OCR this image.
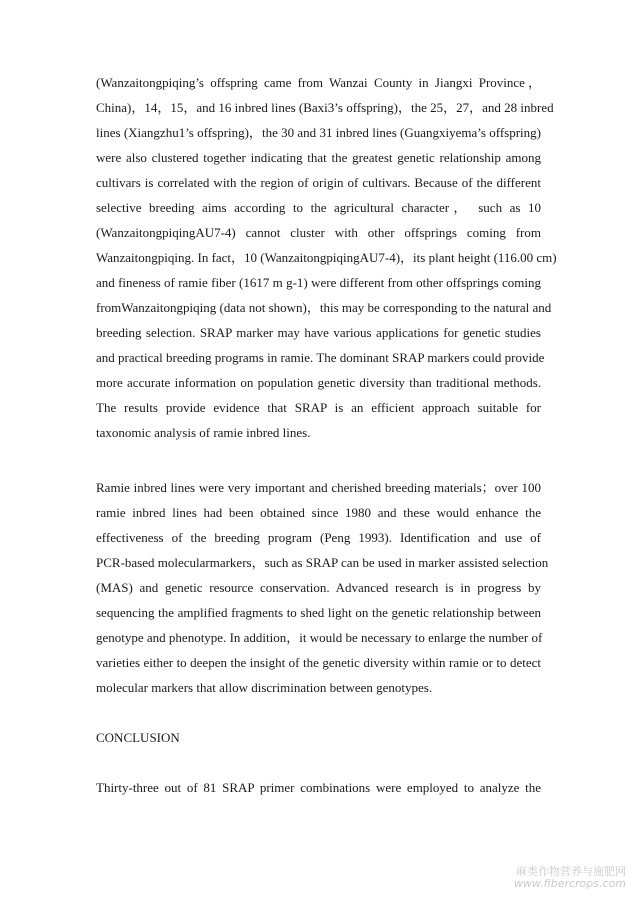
(Wanzaitongpiqing’s offspring came from Wanzai County in Jiangxi Province，
China)，14，15，and 16 inbred lines (Baxi3’s offspring)，the 25，27，and 28 inbred
lines (Xiangzhu1’s offspring)，the 30 and 31 inbred lines (Guangxiyema’s offspring)
were also clustered together indicating that the greatest genetic relationship among
cultivars is correlated with the region of origin of cultivars. Because of the different
selective breeding aims according to the agricultural character， such as 10
(WanzaitongpiqingAU7-4) cannot cluster with other offsprings coming from
Wanzaitongpiqing. In fact，10 (WanzaitongpiqingAU7-4)，its plant height (116.00 cm)
and fineness of ramie fiber (1617 m g-1) were different from other offsprings coming
fromWanzaitongpiqing (data not shown)，this may be corresponding to the natural and
breeding selection. SRAP marker may have various applications for genetic studies
and practical breeding programs in ramie. The dominant SRAP markers could provide
more accurate information on population genetic diversity than traditional methods.
The results provide evidence that SRAP is an efficient approach suitable for
taxonomic analysis of ramie inbred lines.
Ramie inbred lines were very important and cherished breeding materials；over 100
ramie inbred lines had been obtained since 1980 and these would enhance the
effectiveness of the breeding program (Peng 1993). Identification and use of
PCR-based molecularmarkers，such as SRAP can be used in marker assisted selection
(MAS) and genetic resource conservation. Advanced research is in progress by
sequencing the amplified fragments to shed light on the genetic relationship between
genotype and phenotype. In addition，it would be necessary to enlarge the number of
varieties either to deepen the insight of the genetic diversity within ramie or to detect
molecular markers that allow discrimination between genotypes.
CONCLUSION
Thirty-three out of 81 SRAP primer combinations were employed to analyze the
麻类作物营养与施肥网
www.fibercrops.com
